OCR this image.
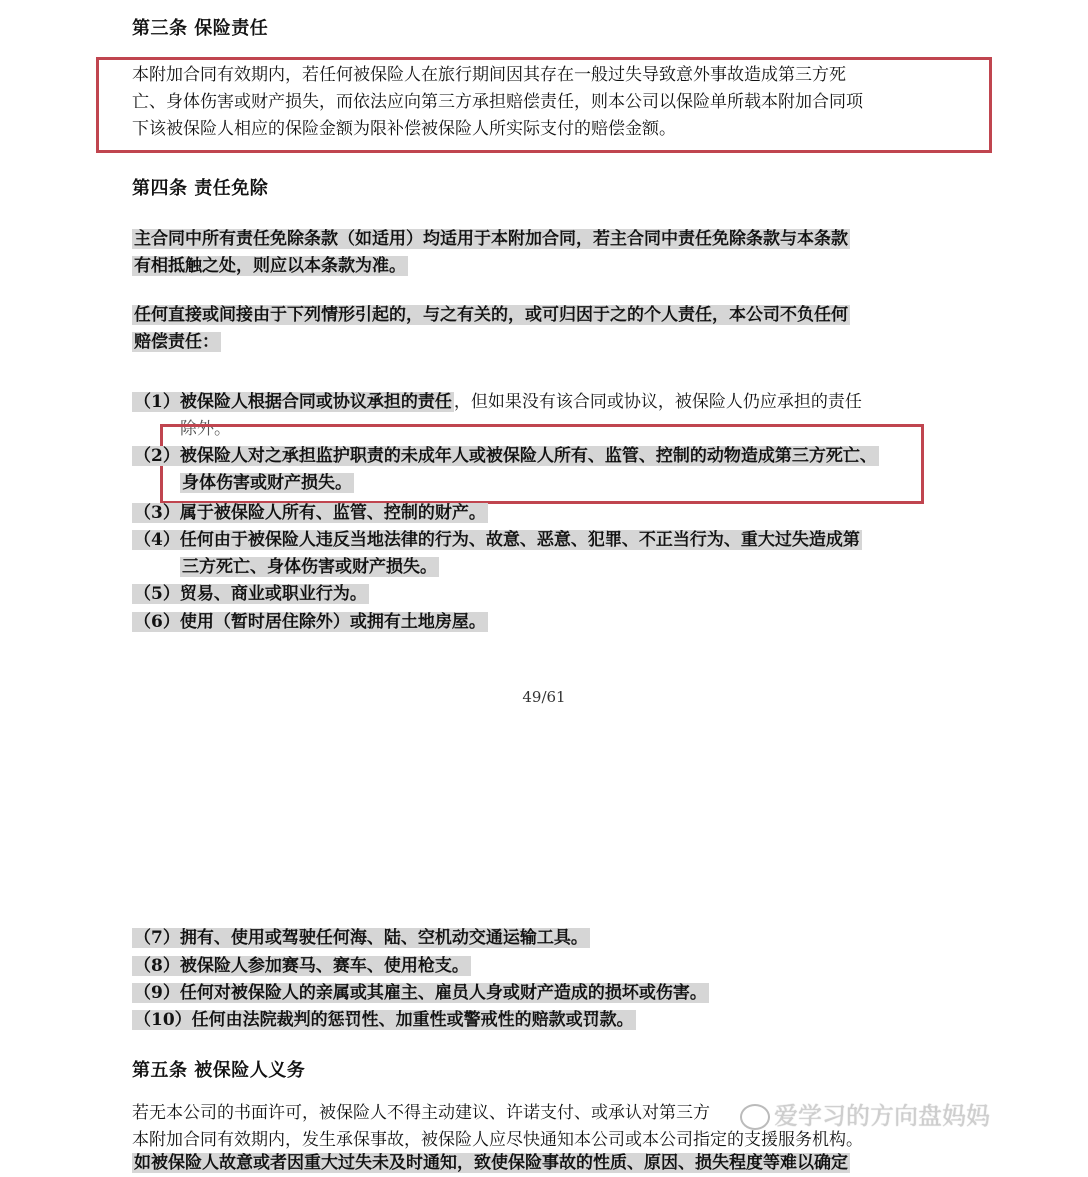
第三条 保险责任
本附加合同有效期内，若任何被保险人在旅行期间因其存在一般过失导致意外事故造成第三方死
亡、身体伤害或财产损失，而依法应向第三方承担赔偿责任，则本公司以保险单所载本附加合同项
下该被保险人相应的保险金额为限补偿被保险人所实际支付的赔偿金额。
第四条 责任免除
主合同中所有责任免除条款（如适用）均适用于本附加合同，若主合同中责任免除条款与本条款
有相抵触之处，则应以本条款为准。
任何直接或间接由于下列情形引起的，与之有关的，或可归因于之的个人责任，本公司不负任何
赔偿责任：
（1）被保险人根据合同或协议承担的责任 ，但如果没有该合同或协议，被保险人仍应承担的责任
除外。
（2）被保险人对之承担监护职责的未成年人或被保险人所有、监管、控制的动物造成第三方死亡、
身体伤害或财产损失。
（3）属于被保险人所有、监管、控制的财产。
（4）任何由于被保险人违反当地法律的行为、故意、恶意、犯罪、不正当行为、重大过失造成第
三方死亡、身体伤害或财产损失。
（5）贸易、商业或职业行为。
（6）使用（暂时居住除外）或拥有土地房屋。
49/61
（7）拥有、使用或驾驶任何海、陆、空机动交通运输工具。
（8）被保险人参加赛马、赛车、使用枪支。
（9）任何对被保险人的亲属或其雇主、雇员人身或财产造成的损坏或伤害。
（10）任何由法院裁判的惩罚性、加重性或警戒性的赔款或罚款。
第五条 被保险人义务
若无本公司的书面许可，被保险人不得主动建议、许诺支付、或承认对第三方
本附加合同有效期内，发生承保事故，被保险人应尽快通知本公司或本公司指定的支援服务机构。
如被保险人故意或者因重大过失未及时通知，致使保险事故的性质、原因、损失程度等难以确定
爱学习的方向盘妈妈
